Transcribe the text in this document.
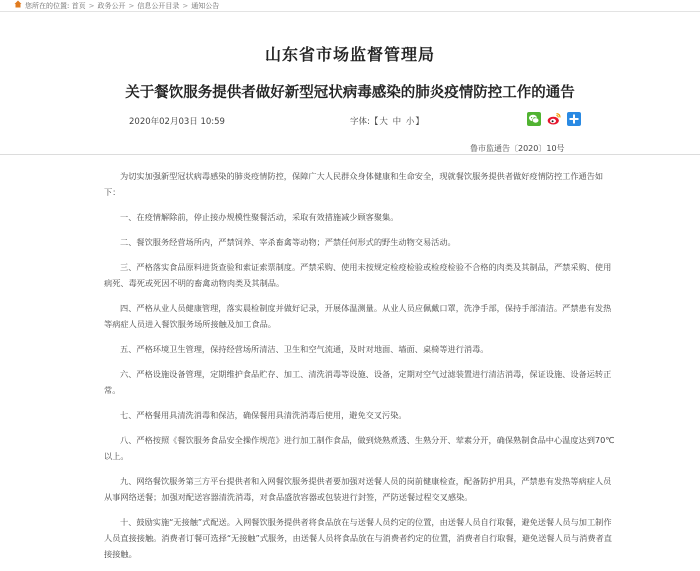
您所在的位置: 首页 > 政务公开 > 信息公开目录 > 通知公告
山东省市场监督管理局
关于餐饮服务提供者做好新型冠状病毒感染的肺炎疫情防控工作的通告
2020年02月03日 10:59	字体:【大 中 小】
鲁市监通告〔2020〕10号

为切实加强新型冠状病毒感染的肺炎疫情防控，保障广大人民群众身体健康和生命安全，现就餐饮服务提供者做好疫情防控工作通告如下：

一、在疫情解除前，停止接办规模性聚餐活动，采取有效措施减少顾客聚集。

二、餐饮服务经营场所内，严禁饲养、宰杀畜禽等动物；严禁任何形式的野生动物交易活动。

三、严格落实食品原料进货查验和索证索票制度。严禁采购、使用未按规定检疫检验或检疫检验不合格的肉类及其制品，严禁采购、使用病死、毒死或死因不明的畜禽动物肉类及其制品。

四、严格从业人员健康管理，落实晨检制度并做好记录，开展体温测量。从业人员应佩戴口罩，洗净手部，保持手部清洁。严禁患有发热等病症人员进入餐饮服务场所接触及加工食品。

五、严格环境卫生管理，保持经营场所清洁、卫生和空气流通，及时对地面、墙面、桌椅等进行消毒。

六、严格设施设备管理，定期维护食品贮存、加工、清洗消毒等设施、设备，定期对空气过滤装置进行清洁消毒，保证设施、设备运转正常。

七、严格餐用具清洗消毒和保洁，确保餐用具清洗消毒后使用，避免交叉污染。

八、严格按照《餐饮服务食品安全操作规范》进行加工制作食品，做到烧熟煮透、生熟分开、荤素分开，确保熟制食品中心温度达到70℃以上。

九、网络餐饮服务第三方平台提供者和入网餐饮服务提供者要加强对送餐人员的岗前健康检查，配备防护用具，严禁患有发热等病症人员从事网络送餐；加强对配送容器清洗消毒，对食品盛放容器或包装进行封签，严防送餐过程交叉感染。

十、鼓励实施“无接触”式配送。入网餐饮服务提供者将食品放在与送餐人员约定的位置，由送餐人员自行取餐，避免送餐人员与加工制作人员直接接触。消费者订餐可选择“无接触”式服务，由送餐人员将食品放在与消费者约定的位置，消费者自行取餐，避免送餐人员与消费者直接接触。
